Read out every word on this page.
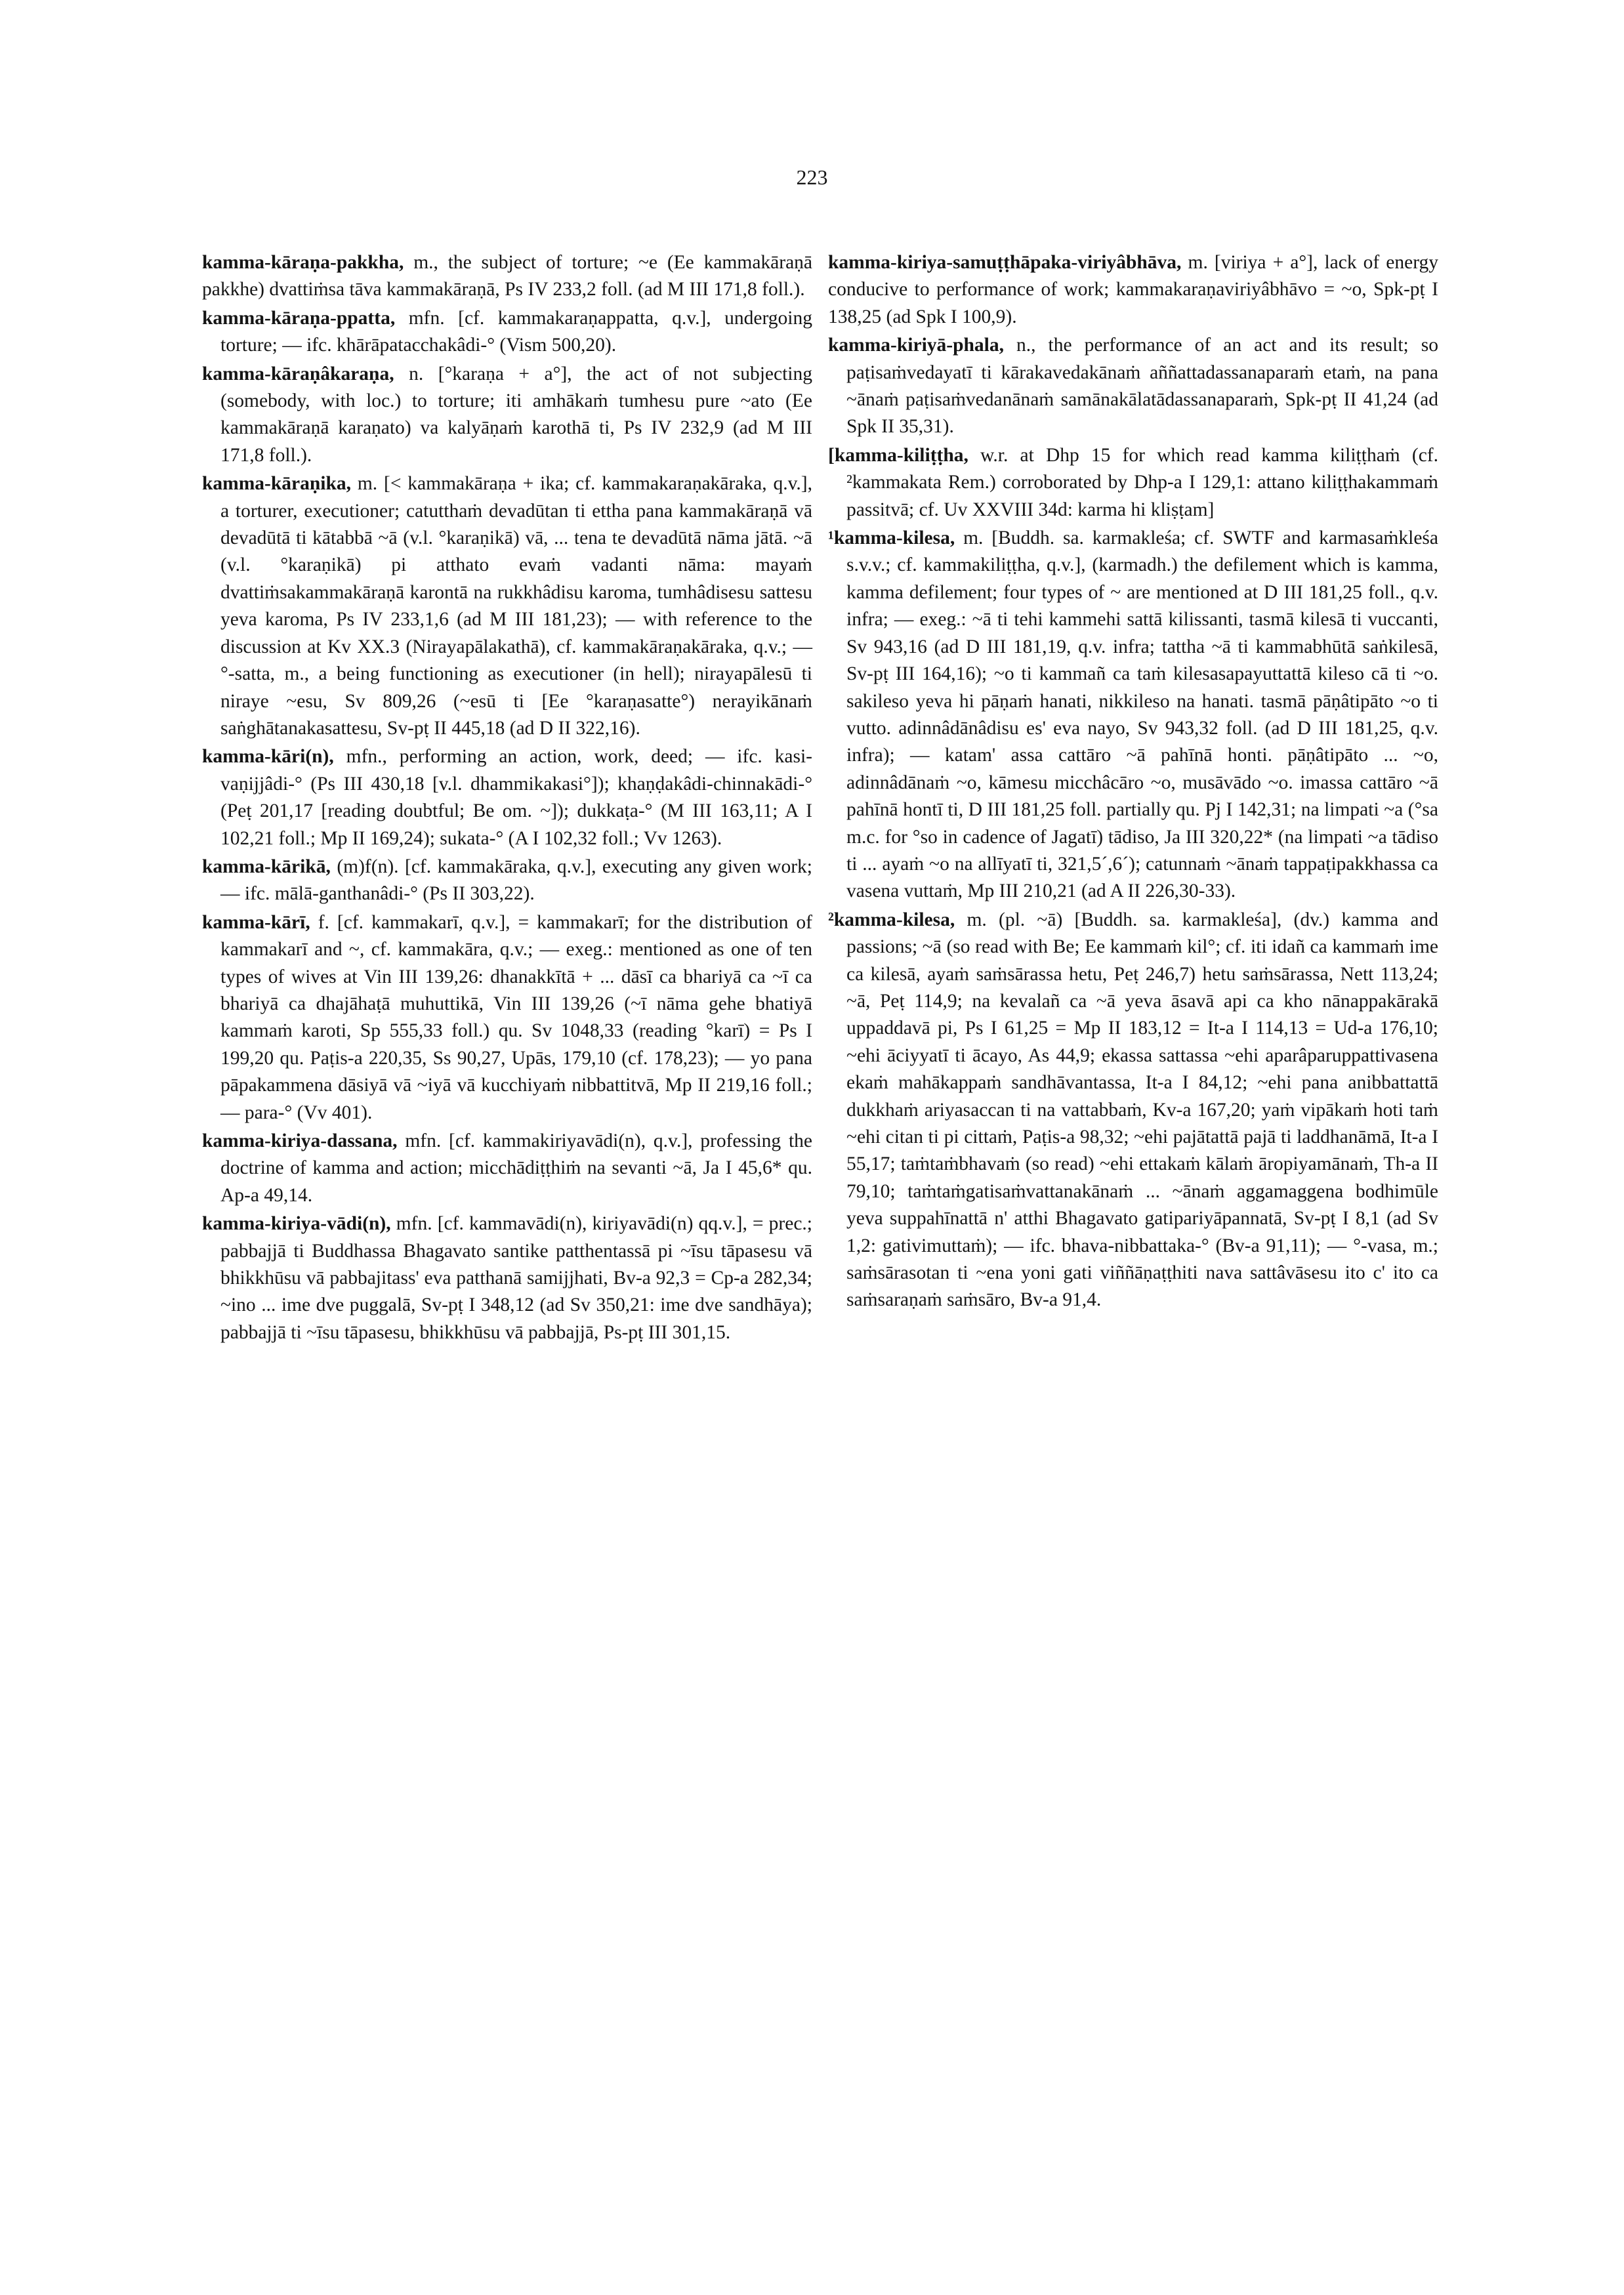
223

kamma-kāraṇa-pakkha, m., the subject of torture; ~e (Ee kammakāraṇā pakkhe) dvattiṁsa tāva kammakāraṇā, Ps IV 233,2 foll. (ad M III 171,8 foll.).

kamma-kāraṇa-ppatta, mfn. [cf. kammakaraṇappatta, q.v.], undergoing torture; — ifc. khārāpatacchakâdi-° (Vism 500,20).

kamma-kāraṇâkaraṇa, n. [°karaṇa + a°], the act of not subjecting (somebody, with loc.) to torture; iti amhākaṁ tumhesu pure ~ato (Ee kammakāraṇā karaṇato) va kalyāṇaṁ karothā ti, Ps IV 232,9 (ad M III 171,8 foll.).

kamma-kāraṇika, m. [< kammakāraṇa + ika; cf. kammakaraṇakāraka, q.v.], a torturer, executioner; catutthaṁ devadūtan ti ettha pana kammakāraṇā vā devadūtā ti kātabbā ~ā (v.l. °karaṇikā) vā, ... tena te devadūtā nāma jātā. ~ā (v.l. °karaṇikā) pi atthato evaṁ vadanti nāma: mayaṁ dvattiṁsakammakāraṇā karontā na rukkhâdisu karoma, tumhâdisesu sattesu yeva karoma, Ps IV 233,1,6 (ad M III 181,23); — with reference to the discussion at Kv XX.3 (Nirayapālakathā), cf. kammakāraṇakāraka, q.v.; — °-satta, m., a being functioning as executioner (in hell); nirayapālesū ti niraye ~esu, Sv 809,26 (~esū ti [Ee °karaṇasatte°) nerayikānaṁ saṅghātanakasattesu, Sv-pṭ II 445,18 (ad D II 322,16).

kamma-kāri(n), mfn., performing an action, work, deed; — ifc. kasi-vaṇijjâdi-° (Ps III 430,18 [v.l. dhammikakasi°]); khaṇḍakâdi-chinnakādi-° (Peṭ 201,17 [reading doubtful; Be om. ~]); dukkaṭa-° (M III 163,11; A I 102,21 foll.; Mp II 169,24); sukata-° (A I 102,32 foll.; Vv 1263).

kamma-kārikā, (m)f(n). [cf. kammakāraka, q.v.], executing any given work; — ifc. mālā-ganthanâdi-° (Ps II 303,22).

kamma-kārī, f. [cf. kammakarī, q.v.], = kammakarī; for the distribution of kammakarī and ~, cf. kammakāra, q.v.; — exeg.: mentioned as one of ten types of wives at Vin III 139,26: dhanakkītā + ... dāsī ca bhariyā ca ~ī ca bhariyā ca dhajāhaṭā muhuttikā, Vin III 139,26 (~ī nāma gehe bhatiyā kammaṁ karoti, Sp 555,33 foll.) qu. Sv 1048,33 (reading °karī) = Ps I 199,20 qu. Paṭis-a 220,35, Ss 90,27, Upās, 179,10 (cf. 178,23); — yo pana pāpakammena dāsiyā vā ~iyā vā kucchiyaṁ nibbattitvā, Mp II 219,16 foll.; — para-° (Vv 401).

kamma-kiriya-dassana, mfn. [cf. kammakiriyavādi(n), q.v.], professing the doctrine of kamma and action; micchādiṭṭhiṁ na sevanti ~ā, Ja I 45,6* qu. Ap-a 49,14.

kamma-kiriya-vādi(n), mfn. [cf. kammavādi(n), kiriyavādi(n) qq.v.], = prec.; pabbajjā ti Buddhassa Bhagavato santike patthentassā pi ~īsu tāpasesu vā bhikkhūsu vā pabbajitass' eva patthanā samijjhati, Bv-a 92,3 = Cp-a 282,34; ~ino ... ime dve puggalā, Sv-pṭ I 348,12 (ad Sv 350,21: ime dve sandhāya); pabbajjā ti ~īsu tāpasesu, bhikkhūsu vā pabbajjā, Ps-pṭ III 301,15.

kamma-kiriya-samuṭṭhāpaka-viriyâbhāva, m. [viriya + a°], lack of energy conducive to performance of work; kammakaraṇaviriyâbhāvo = ~o, Spk-pṭ I 138,25 (ad Spk I 100,9).

kamma-kiriyā-phala, n., the performance of an act and its result; so paṭisaṁvedayatī ti kārakavedakānaṁ aññattadassanaparaṁ etaṁ, na pana ~ānaṁ paṭisaṁvedanānaṁ samānakālatādassanaparaṁ, Spk-pṭ II 41,24 (ad Spk II 35,31).

[kamma-kiliṭṭha, w.r. at Dhp 15 for which read kamma kiliṭṭhaṁ (cf. ²kammakata Rem.) corroborated by Dhp-a I 129,1: attano kiliṭṭhakammaṁ passitvā; cf. Uv XXVIII 34d: karma hi kliṣṭam]

¹kamma-kilesa, m. [Buddh. sa. karmakleśa; cf. SWTF and karmasaṁkleśa s.v.v.; cf. kammakiliṭṭha, q.v.], (karmadh.) the defilement which is kamma, kamma defilement; four types of ~ are mentioned at D III 181,25 foll., q.v. infra; — exeg.: ~ā ti tehi kammehi sattā kilissanti, tasmā kilesā ti vuccanti, Sv 943,16 (ad D III 181,19, q.v. infra; tattha ~ā ti kammabhūtā saṅkilesā, Sv-pṭ III 164,16); ~o ti kammañ ca taṁ kilesasapayuttattā kileso cā ti ~o. sakileso yeva hi pāṇaṁ hanati, nikkileso na hanati. tasmā pāṇâtipāto ~o ti vutto. adinnâdānâdisu es' eva nayo, Sv 943,32 foll. (ad D III 181,25, q.v. infra); — katam' assa cattāro ~ā pahīnā honti. pāṇâtipāto ... ~o, adinnâdānaṁ ~o, kāmesu micchâcāro ~o, musāvādo ~o. imassa cattāro ~ā pahīnā hontī ti, D III 181,25 foll. partially qu. Pj I 142,31; na limpati ~a (°sa m.c. for °so in cadence of Jagatī) tādiso, Ja III 320,22* (na limpati ~a tādiso ti ... ayaṁ ~o na allīyatī ti, 321,5´,6´); catunnaṁ ~ānaṁ tappaṭipakkhassa ca vasena vuttaṁ, Mp III 210,21 (ad A II 226,30-33).

²kamma-kilesa, m. (pl. ~ā) [Buddh. sa. karmakleśa], (dv.) kamma and passions; ~ā (so read with Be; Ee kammaṁ kil°; cf. iti idañ ca kammaṁ ime ca kilesā, ayaṁ saṁsārassa hetu, Peṭ 246,7) hetu saṁsārassa, Nett 113,24; ~ā, Peṭ 114,9; na kevalañ ca ~ā yeva āsavā api ca kho nānappakārakā uppaddavā pi, Ps I 61,25 = Mp II 183,12 = It-a I 114,13 = Ud-a 176,10; ~ehi āciyyatī ti ācayo, As 44,9; ekassa sattassa ~ehi aparâparuppattivasena ekaṁ mahākappaṁ sandhāvantassa, It-a I 84,12; ~ehi pana anibbattattā dukkhaṁ ariyasaccan ti na vattabbaṁ, Kv-a 167,20; yaṁ vipākaṁ hoti taṁ ~ehi citan ti pi cittaṁ, Paṭis-a 98,32; ~ehi pajātattā pajā ti laddhanāmā, It-a I 55,17; taṁtaṁbhavaṁ (so read) ~ehi ettakaṁ kālaṁ āropiyamānaṁ, Th-a II 79,10; taṁtaṁgatisaṁvattanakānaṁ ... ~ānaṁ aggamaggena bodhimūle yeva suppahīnattā n' atthi Bhagavato gatipariyāpannatā, Sv-pṭ I 8,1 (ad Sv 1,2: gativimuttaṁ); — ifc. bhava-nibbattaka-° (Bv-a 91,11); — °-vasa, m.; saṁsārasotan ti ~ena yoni gati viññāṇaṭṭhiti nava sattâvāsesu ito c' ito ca saṁsaraṇaṁ saṁsāro, Bv-a 91,4.
